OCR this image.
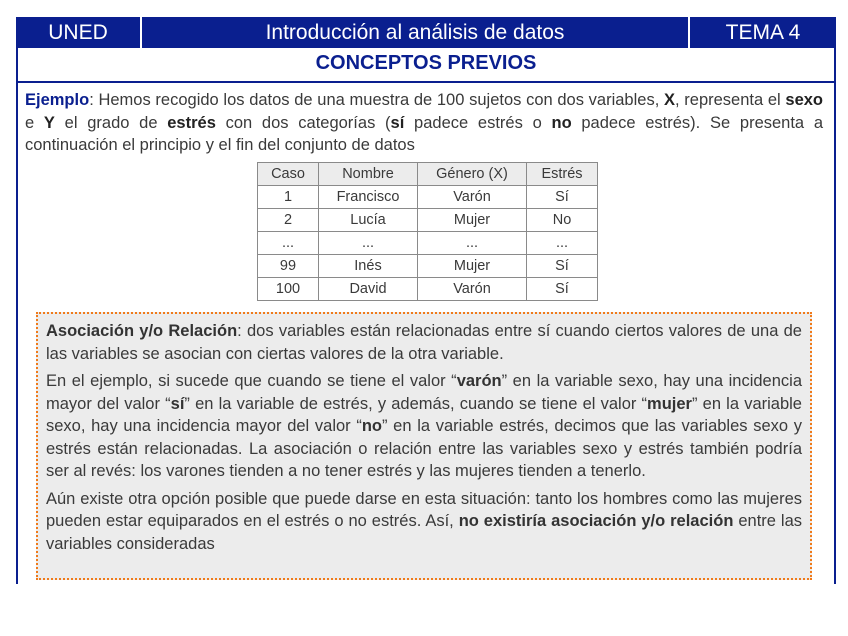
UNED	Introducción al análisis de datos	TEMA 4
CONCEPTOS PREVIOS
Ejemplo: Hemos recogido los datos de una muestra de 100 sujetos con dos variables, X, representa el sexo e Y el grado de estrés con dos categorías (sí padece estrés o no padece estrés). Se presenta a continuación el principio y el fin del conjunto de datos
Caso	Nombre	Género (X)	Estrés
1	Francisco	Varón	Sí
2	Lucía	Mujer	No
...	...	...	...
99	Inés	Mujer	Sí
100	David	Varón	Sí

Asociación y/o Relación: dos variables están relacionadas entre sí cuando ciertos valores de una de las variables se asocian con ciertas valores de la otra variable.

En el ejemplo, si sucede que cuando se tiene el valor “varón” en la variable sexo, hay una incidencia mayor del valor “sí” en la variable de estrés, y además, cuando se tiene el valor “mujer” en la variable sexo, hay una incidencia mayor del valor “no” en la variable estrés, decimos que las variables sexo y estrés están relacionadas. La asociación o relación entre las variables sexo y estrés también podría ser al revés: los varones tienden a no tener estrés y las mujeres tienden a tenerlo.

Aún existe otra opción posible que puede darse en esta situación: tanto los hombres como las mujeres pueden estar equiparados en el estrés o no estrés. Así, no existiría asociación y/o relación entre las variables consideradas
